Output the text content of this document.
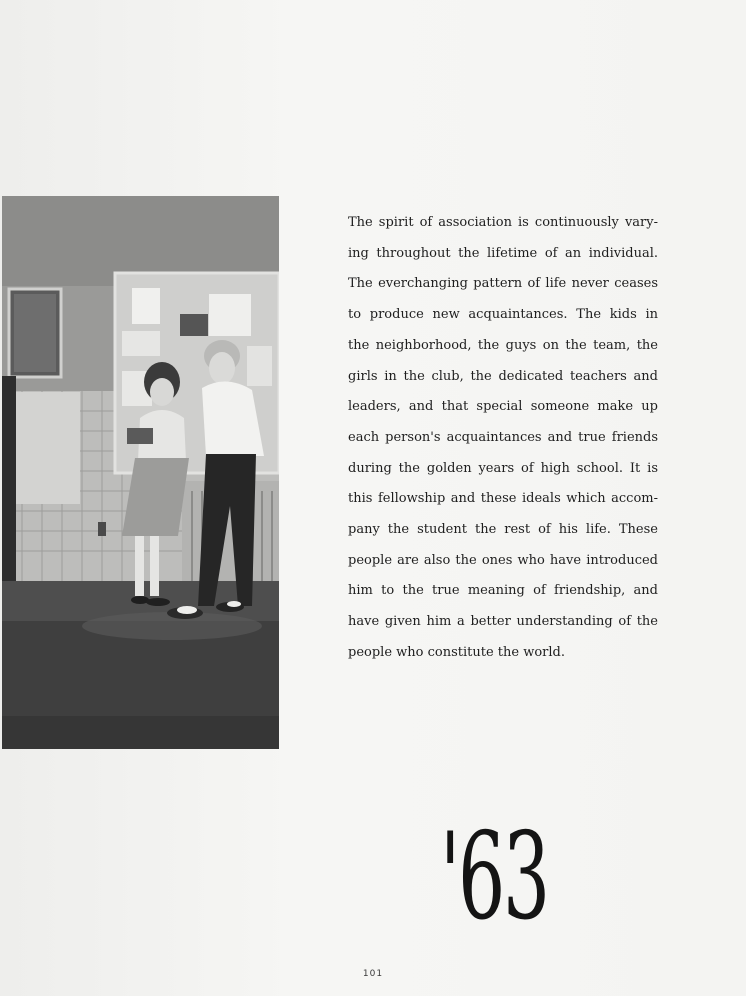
The spirit of association is continuously vary-
ing throughout the lifetime of an individual.
The everchanging pattern of life never ceases
to produce new acquaintances. The kids in
the neighborhood, the guys on the team, the
girls in the club, the dedicated teachers and
leaders, and that special someone make up
each person's acquaintances and true friends
during the golden years of high school. It is
this fellowship and these ideals which accom-
pany the student the rest of his life. These
people are also the ones who have introduced
him to the true meaning of friendship, and
have given him a better understanding of the
people who constitute the world.
'63
101
